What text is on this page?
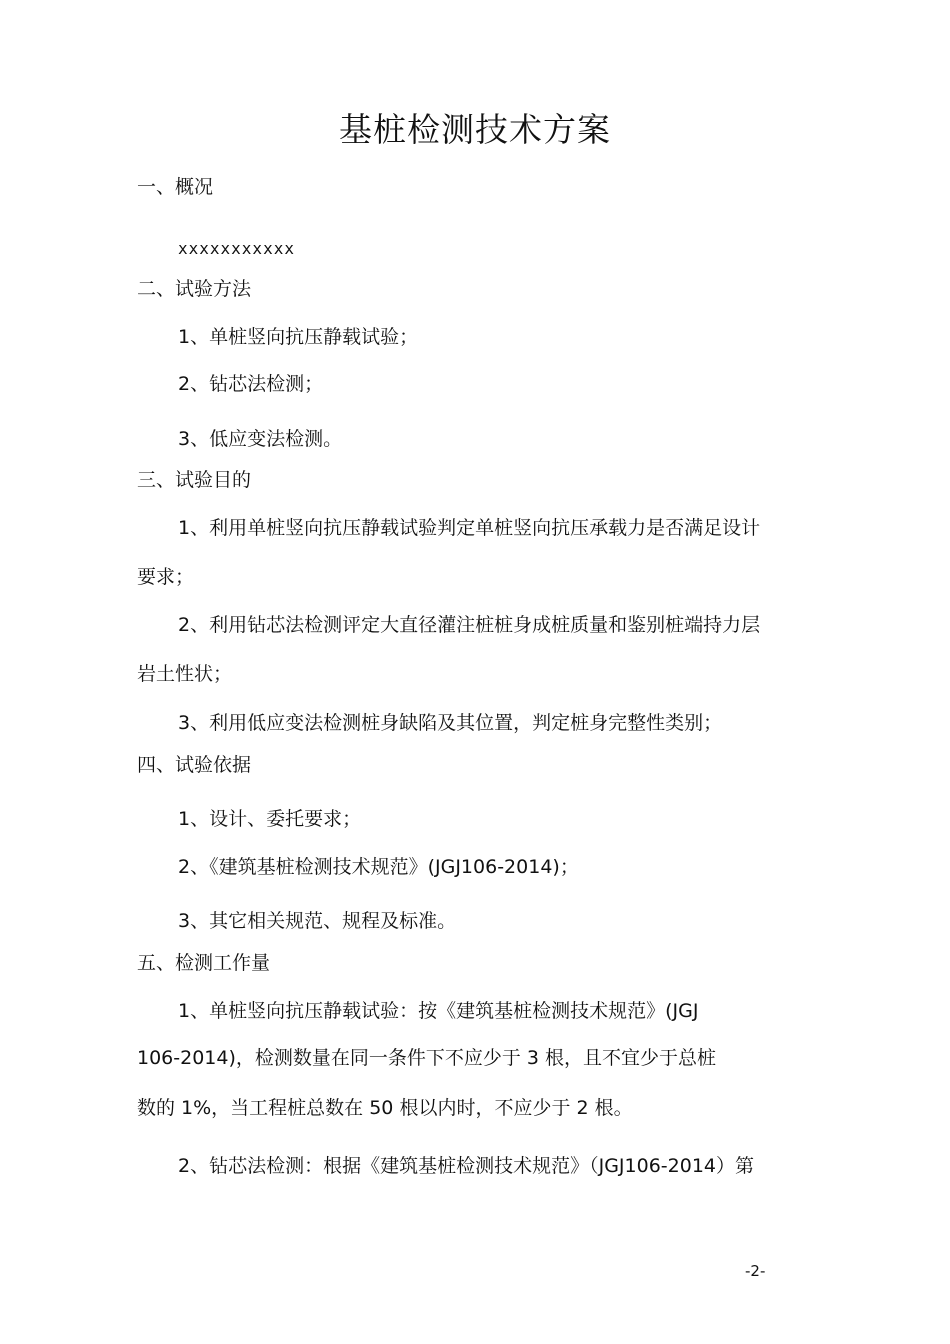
基桩检测技术方案
一、概况
xxxxxxxxxxx
二、试验方法
1、单桩竖向抗压静载试验；
2、钻芯法检测；
3、低应变法检测。
三、试验目的
1、利用单桩竖向抗压静载试验判定单桩竖向抗压承载力是否满足设计
要求；
2、利用钻芯法检测评定大直径灌注桩桩身成桩质量和鉴别桩端持力层
岩土性状；
3、利用低应变法检测桩身缺陷及其位置，判定桩身完整性类别；
四、试验依据
1、设计、委托要求；
2、《建筑基桩检测技术规范》(JGJ106-2014)；
3、其它相关规范、规程及标准。
五、检测工作量
1、单桩竖向抗压静载试验：按《建筑基桩检测技术规范》(JGJ
106-2014)，检测数量在同一条件下不应少于 3 根，且不宜少于总桩
数的 1%，当工程桩总数在 50 根以内时，不应少于 2 根。
2、钻芯法检测：根据《建筑基桩检测技术规范》（JGJ106-2014）第
-2-
